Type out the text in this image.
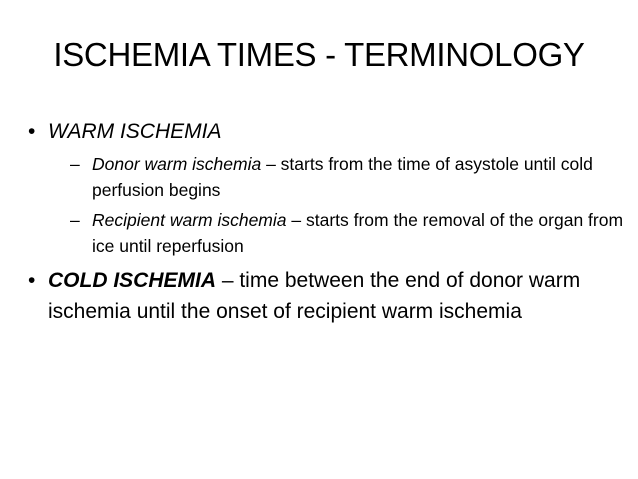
ISCHEMIA TIMES - TERMINOLOGY
• WARM ISCHEMIA
– Donor warm ischemia – starts from the time of asystole until cold perfusion begins
– Recipient warm ischemia – starts from the removal of the organ from ice until reperfusion
• COLD ISCHEMIA – time between the end of donor warm ischemia until the onset of recipient warm ischemia
